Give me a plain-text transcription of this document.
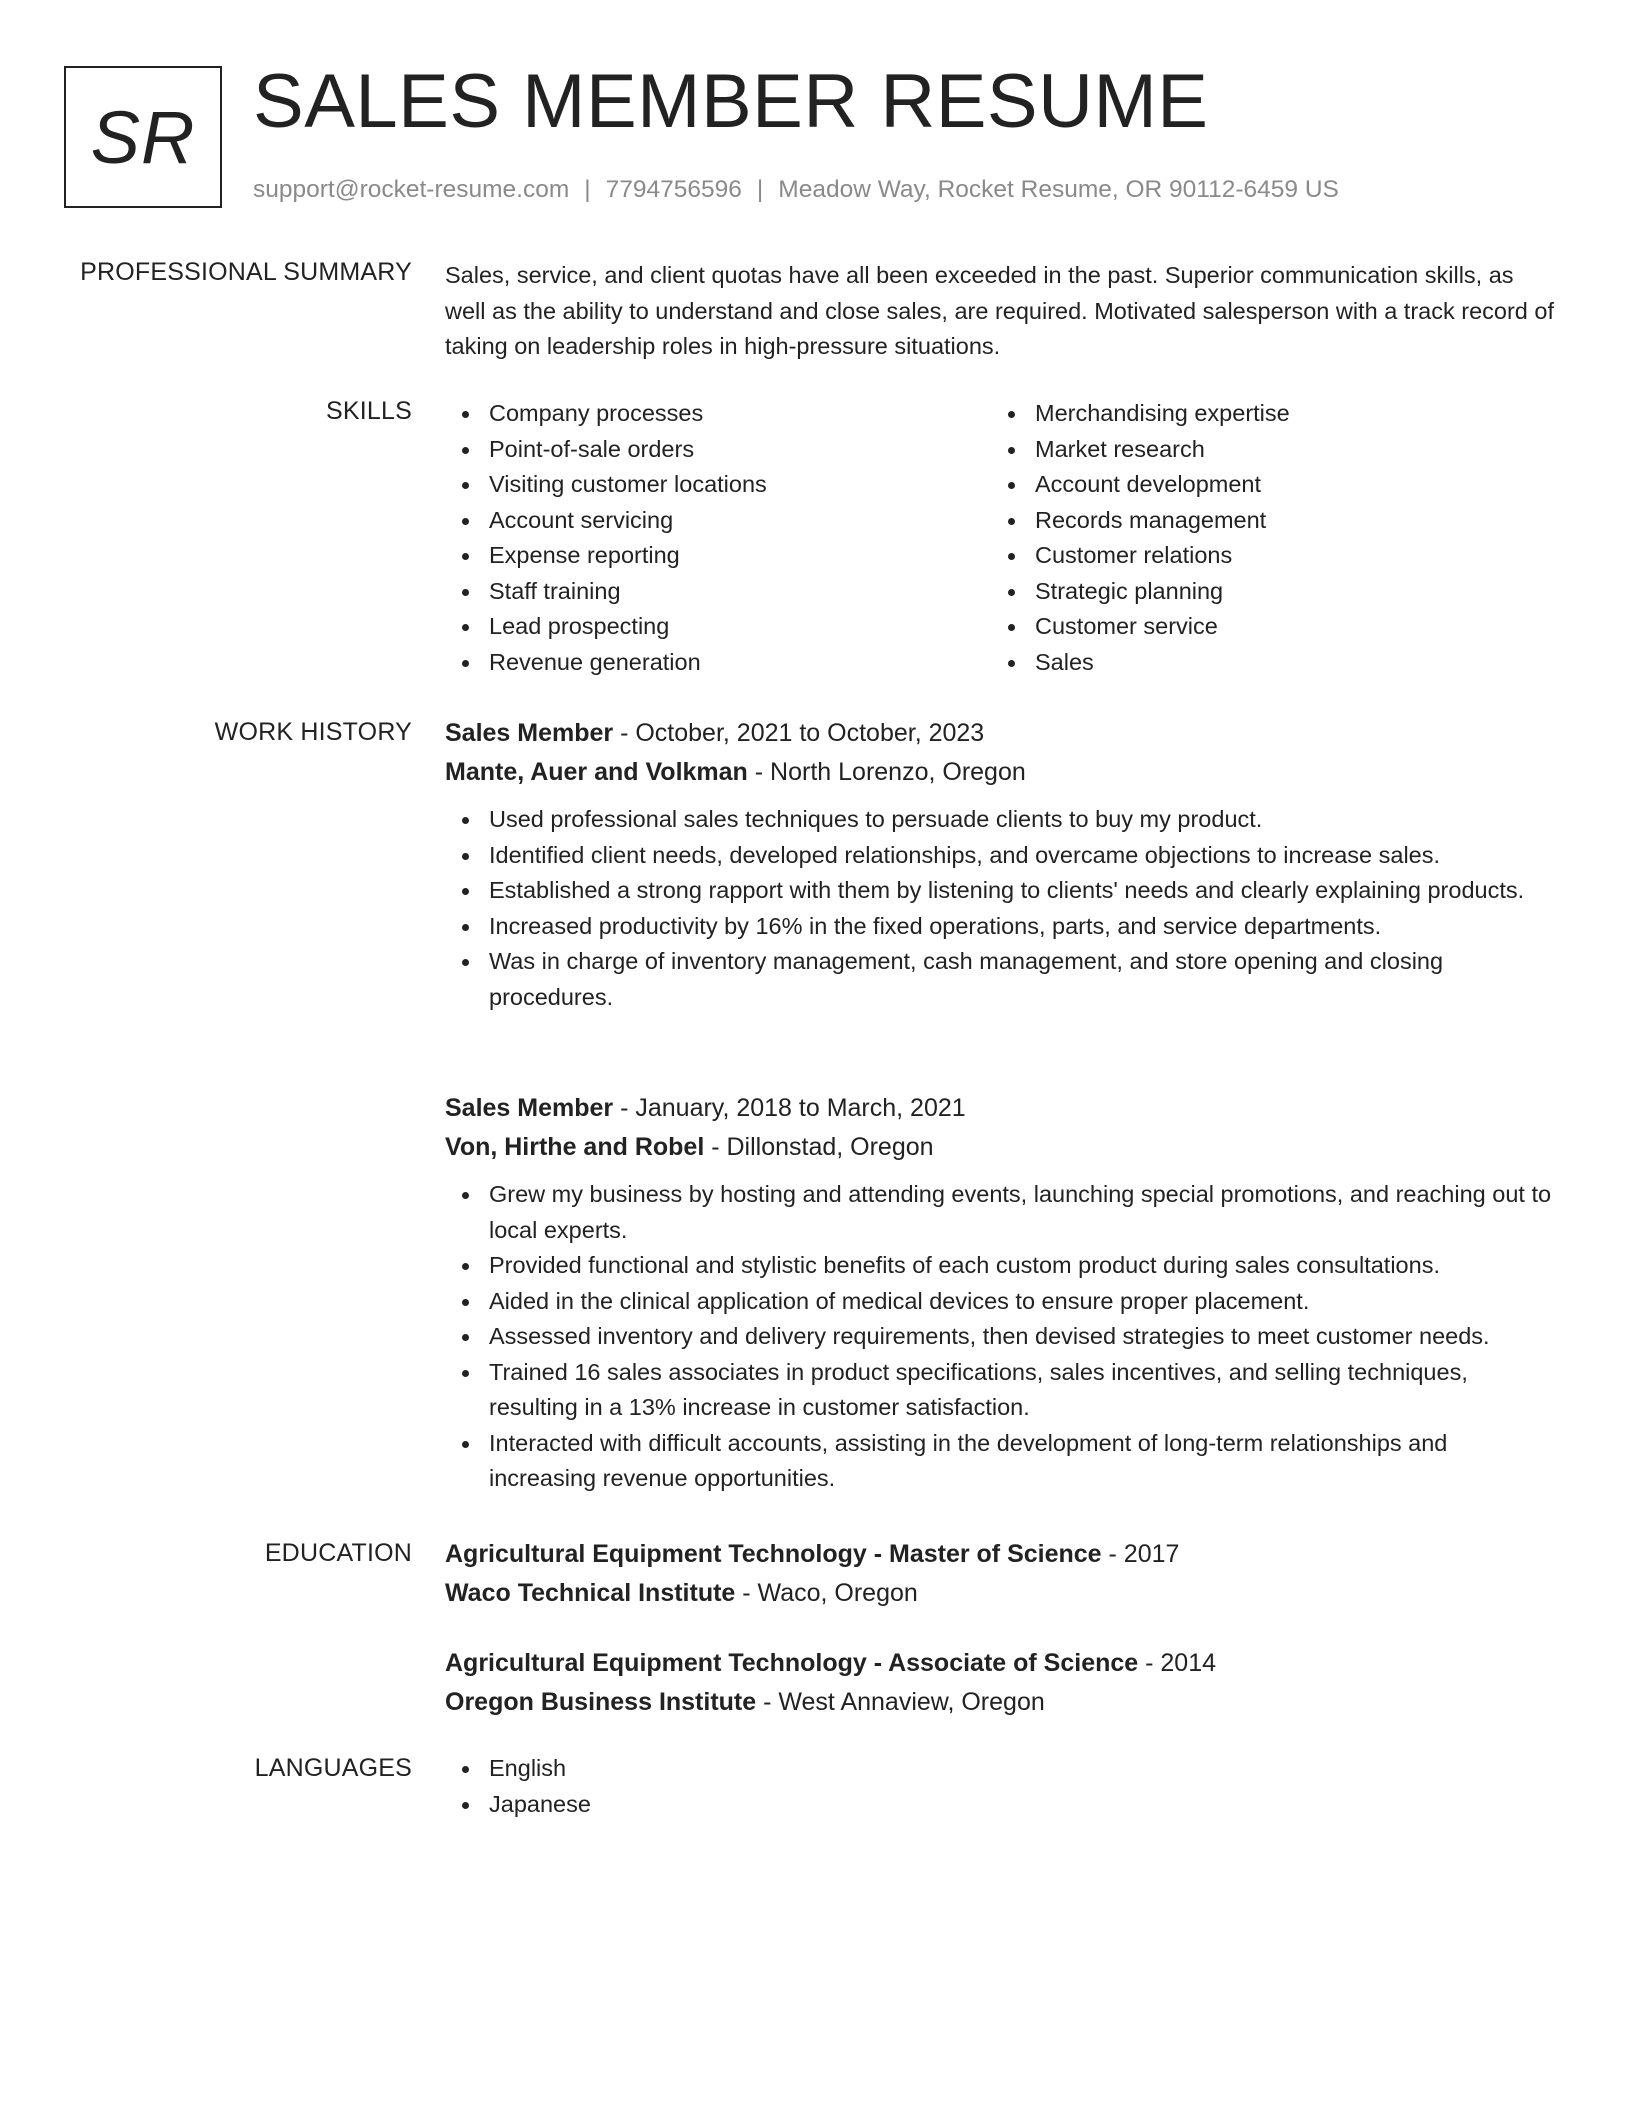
SR SALES MEMBER RESUME
support@rocket-resume.com | 7794756596 | Meadow Way, Rocket Resume, OR 90112-6459 US
PROFESSIONAL SUMMARY Sales, service, and client quotas have all been exceeded in the past. Superior communication skills, as well as the ability to understand and close sales, are required. Motivated salesperson with a track record of taking on leadership roles in high-pressure situations.
SKILLS	Company processes
Point-of-sale orders
Visiting customer locations
Account servicing
Expense reporting
Staff training
Lead prospecting
Revenue generation
Merchandising expertise
Market research
Account development
Records management
Customer relations
Strategic planning
Customer service
Sales
WORK HISTORY Sales Member - October, 2021 to October, 2023
Mante, Auer and Volkman - North Lorenzo, Oregon
Used professional sales techniques to persuade clients to buy my product.
Identified client needs, developed relationships, and overcame objections to increase sales.
Established a strong rapport with them by listening to clients' needs and clearly explaining products.
Increased productivity by 16% in the fixed operations, parts, and service departments.
Was in charge of inventory management, cash management, and store opening and closing procedures.
Sales Member - January, 2018 to March, 2021
Von, Hirthe and Robel - Dillonstad, Oregon
Grew my business by hosting and attending events, launching special promotions, and reaching out to local experts.
Provided functional and stylistic benefits of each custom product during sales consultations.
Aided in the clinical application of medical devices to ensure proper placement.
Assessed inventory and delivery requirements, then devised strategies to meet customer needs.
Trained 16 sales associates in product specifications, sales incentives, and selling techniques, resulting in a 13% increase in customer satisfaction.
Interacted with difficult accounts, assisting in the development of long-term relationships and increasing revenue opportunities.
EDUCATION Agricultural Equipment Technology - Master of Science - 2017
Waco Technical Institute - Waco, Oregon
Agricultural Equipment Technology - Associate of Science - 2014
Oregon Business Institute - West Annaview, Oregon
LANGUAGES	English
Japanese
